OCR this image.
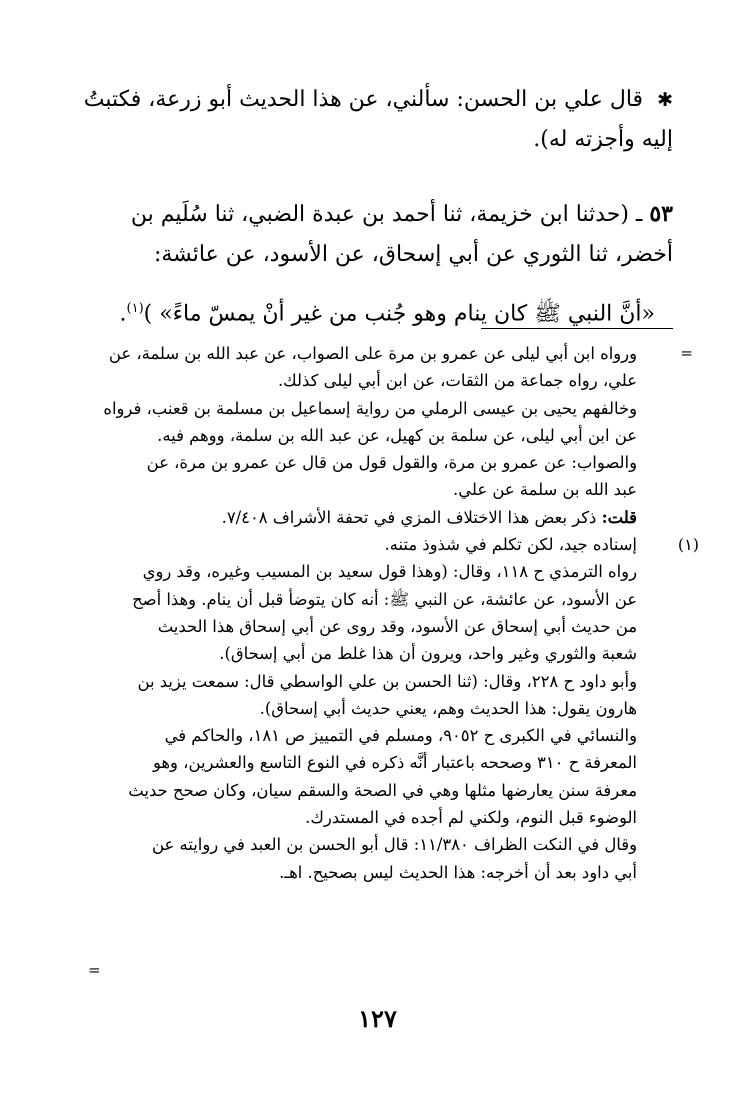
✱  قال علي بن الحسن: سألني، عن هذا الحديث أبو زرعة، فكتبتُ

إليه وأجزته له).

٥٣ ـ (حدثنا ابن خزيمة، ثنا أحمد بن عبدة الضبي، ثنا سُلَيم بن

أخضر، ثنا الثوري عن أبي إسحاق، عن الأسود، عن عائشة:

«أنَّ النبي ﷺ كان ينام وهو جُنب من غير أنْ يمسّ ماءً» )$^{(١)}$.

=

ورواه ابن أبي ليلى عن عمرو بن مرة على الصواب، عن عبد الله بن سلمة، عن

علي، رواه جماعة من الثقات، عن ابن أبي ليلى كذلك.

وخالفهم يحيى بن عيسى الرملي من رواية إسماعيل بن مسلمة بن قعنب، فرواه

عن ابن أبي ليلى، عن سلمة بن كهيل، عن عبد الله بن سلمة، ووهم فيه.

والصواب: عن عمرو بن مرة، والقول قول من قال عن عمرو بن مرة، عن

عبد الله بن سلمة عن علي.

قلت: ذكر بعض هذا الاختلاف المزي في تحفة الأشراف ٧/٤٠٨.

(١)

إسناده جيد، لكن تكلم في شذوذ متنه.

رواه الترمذي ح ١١٨، وقال: (وهذا قول سعيد بن المسيب وغيره، وقد روي

عن الأسود، عن عائشة، عن النبي ﷺ: أنه كان يتوضأ قبل أن ينام. وهذا أصح

من حديث أبي إسحاق عن الأسود، وقد روى عن أبي إسحاق هذا الحديث

شعبة والثوري وغير واحد، ويرون أن هذا غلط من أبي إسحاق).

وأبو داود ح ٢٢٨، وقال: (ثنا الحسن بن علي الواسطي قال: سمعت يزيد بن

هارون يقول: هذا الحديث وهم، يعني حديث أبي إسحاق).

والنسائي في الكبرى ح ٩٠٥٢، ومسلم في التمييز ص ١٨١، والحاكم في

المعرفة ح ٣١٠ وصححه باعتبار أنَّه ذكره في النوع التاسع والعشرين، وهو

معرفة سنن يعارضها مثلها وهي في الصحة والسقم سيان، وكان صحح حديث

الوضوء قبل النوم، ولكني لم أجده في المستدرك.

وقال في النكت الظراف ١١/٣٨٠: قال أبو الحسن بن العبد في روايته عن

أبي داود بعد أن أخرجه: هذا الحديث ليس بصحيح. اهـ.

=
١٢٧
